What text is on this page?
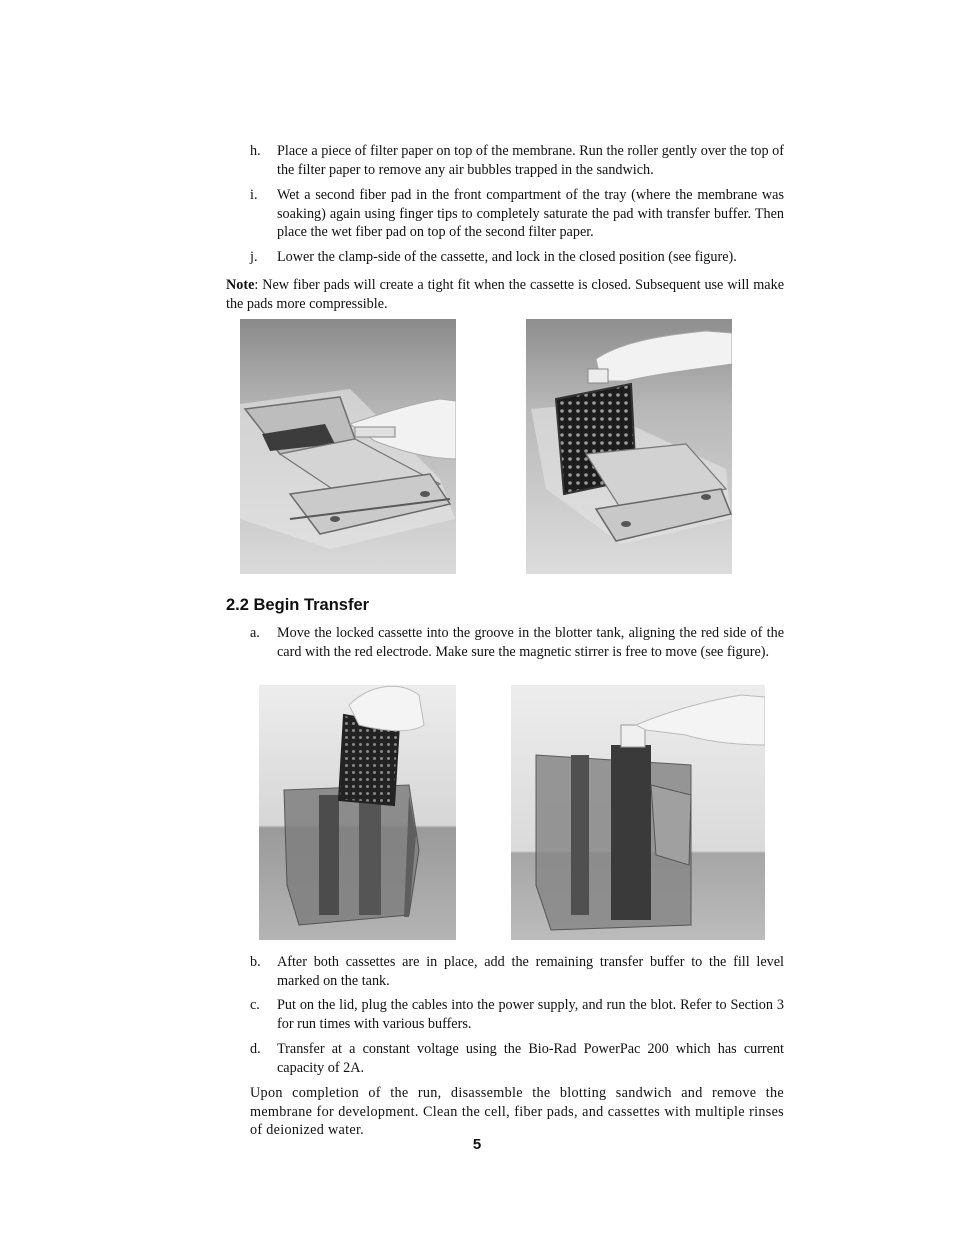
h. Place a piece of filter paper on top of the membrane. Run the roller gently over the top of the filter paper to remove any air bubbles trapped in the sandwich.
i. Wet a second fiber pad in the front compartment of the tray (where the membrane was soaking) again using finger tips to completely saturate the pad with transfer buffer. Then place the wet fiber pad on top of the second filter paper.
j. Lower the clamp-side of the cassette, and lock in the closed position (see figure).
Note: New fiber pads will create a tight fit when the cassette is closed. Subsequent use will make the pads more compressible.
2.2 Begin Transfer
a. Move the locked cassette into the groove in the blotter tank, aligning the red side of the card with the red electrode. Make sure the magnetic stirrer is free to move (see figure).
b. After both cassettes are in place, add the remaining transfer buffer to the fill level marked on the tank.
c. Put on the lid, plug the cables into the power supply, and run the blot. Refer to Section 3 for run times with various buffers.
d. Transfer at a constant voltage using the Bio-Rad PowerPac 200 which has current capacity of 2A.
Upon completion of the run, disassemble the blotting sandwich and remove the membrane for development. Clean the cell, fiber pads, and cassettes with multiple rinses of deionized water.
5
